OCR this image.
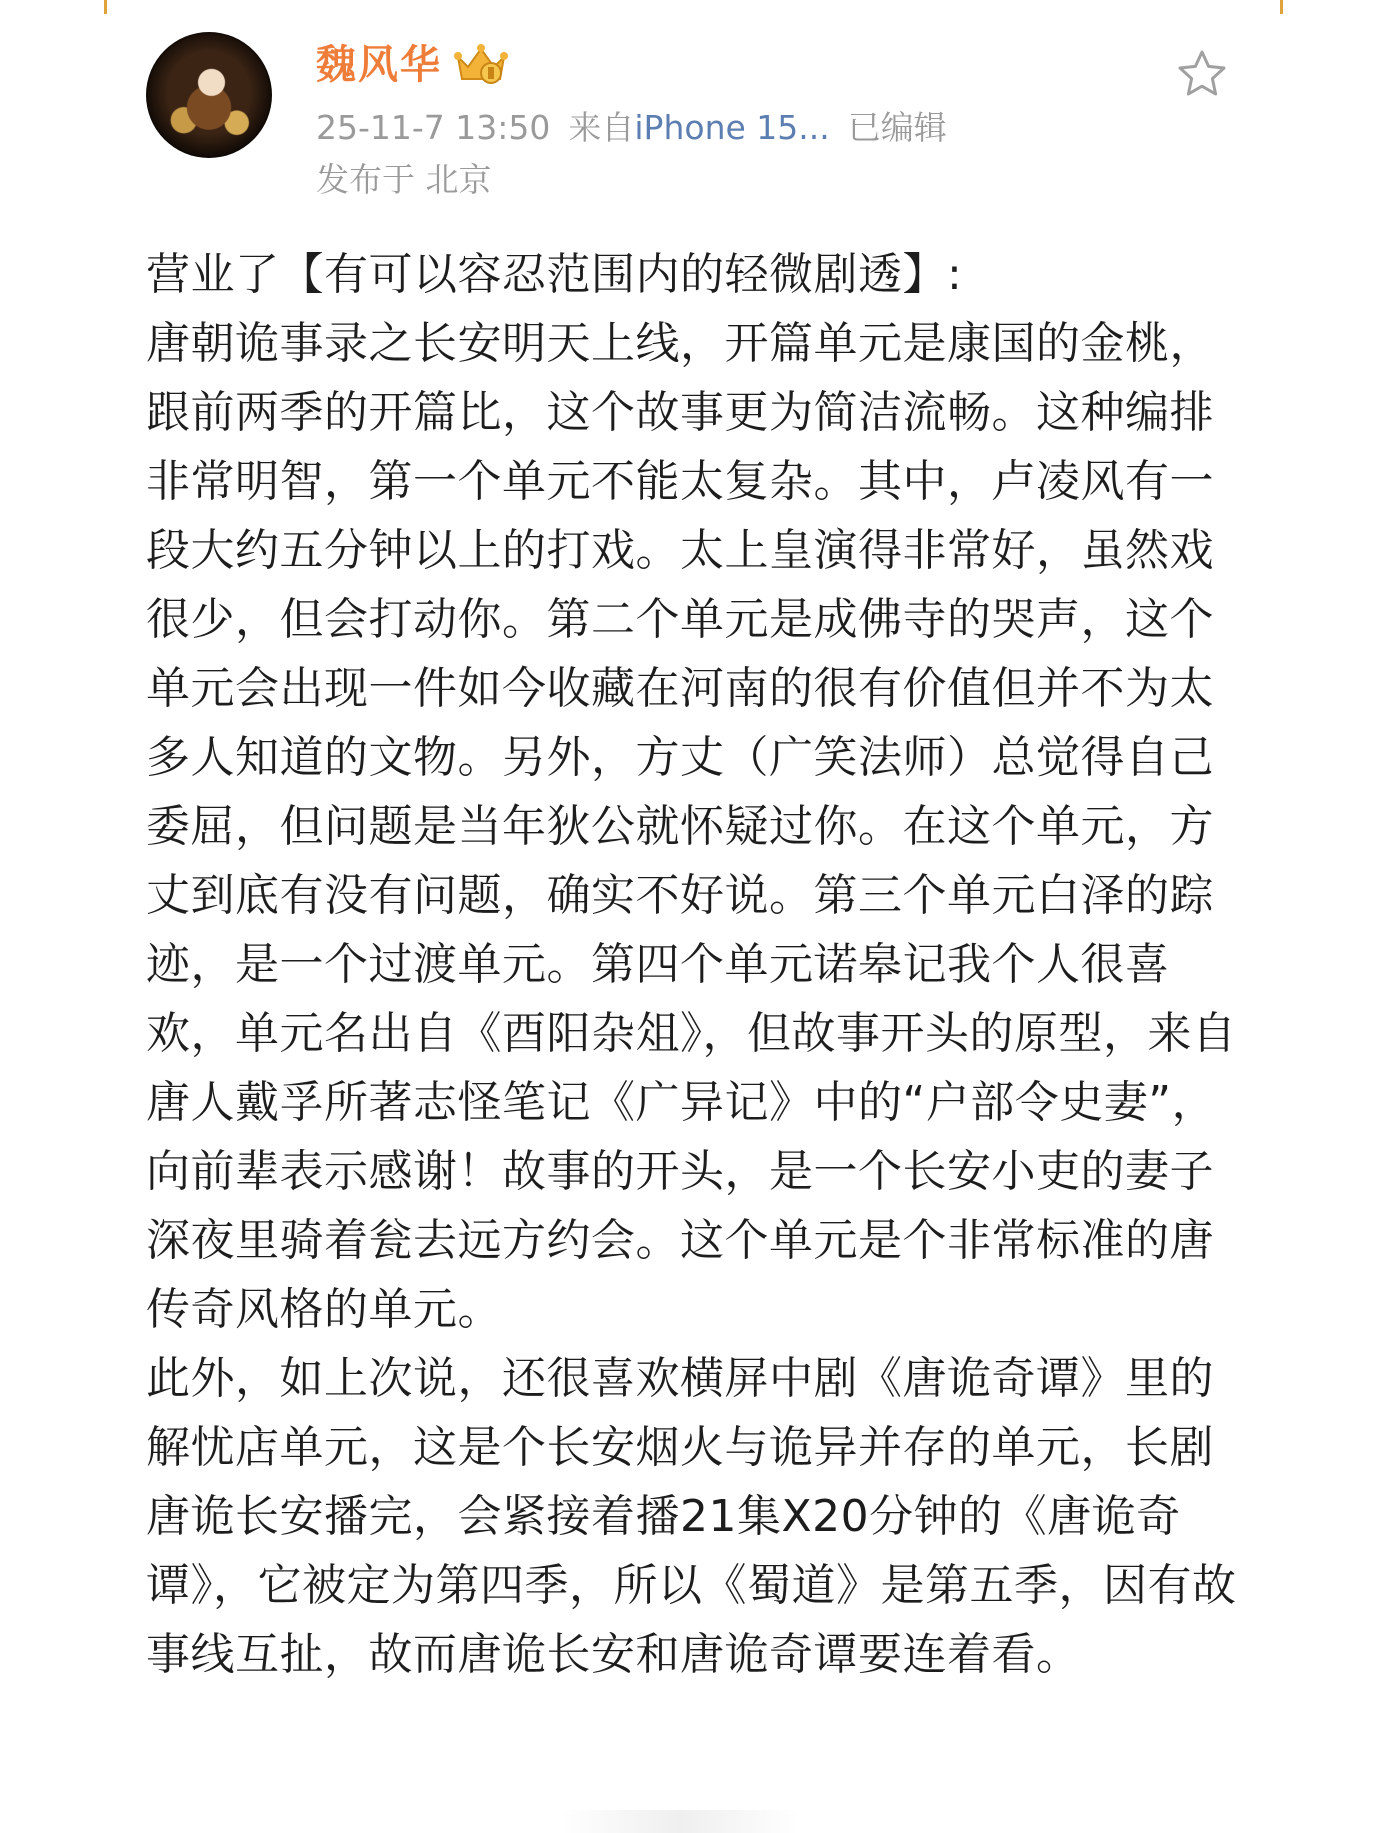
魏风华
25-11-7 13:50 来自iPhone 15... 已编辑
发布于 北京

营业了【有可以容忍范围内的轻微剧透】:

唐朝诡事录之长安明天上线，开篇单元是康国的金桃，跟前两季的开篇比，这个故事更为简洁流畅。这种编排非常明智，第一个单元不能太复杂。其中，卢凌风有一段大约五分钟以上的打戏。太上皇演得非常好，虽然戏很少，但会打动你。第二个单元是成佛寺的哭声，这个单元会出现一件如今收藏在河南的很有价值但并不为太多人知道的文物。另外，方丈（广笑法师）总觉得自己委屈，但问题是当年狄公就怀疑过你。在这个单元，方丈到底有没有问题，确实不好说。第三个单元白泽的踪迹，是一个过渡单元。第四个单元诺皋记我个人很喜欢，单元名出自《酉阳杂俎》，但故事开头的原型，来自唐人戴孚所著志怪笔记《广异记》中的“户部令史妻”，向前辈表示感谢！故事的开头，是一个长安小吏的妻子深夜里骑着瓮去远方约会。这个单元是个非常标准的唐传奇风格的单元。

此外，如上次说，还很喜欢横屏中剧《唐诡奇谭》里的解忧店单元，这是个长安烟火与诡异并存的单元，长剧唐诡长安播完，会紧接着播21集X20分钟的《唐诡奇谭》，它被定为第四季，所以《蜀道》是第五季，因有故事线互扯，故而唐诡长安和唐诡奇谭要连着看。
